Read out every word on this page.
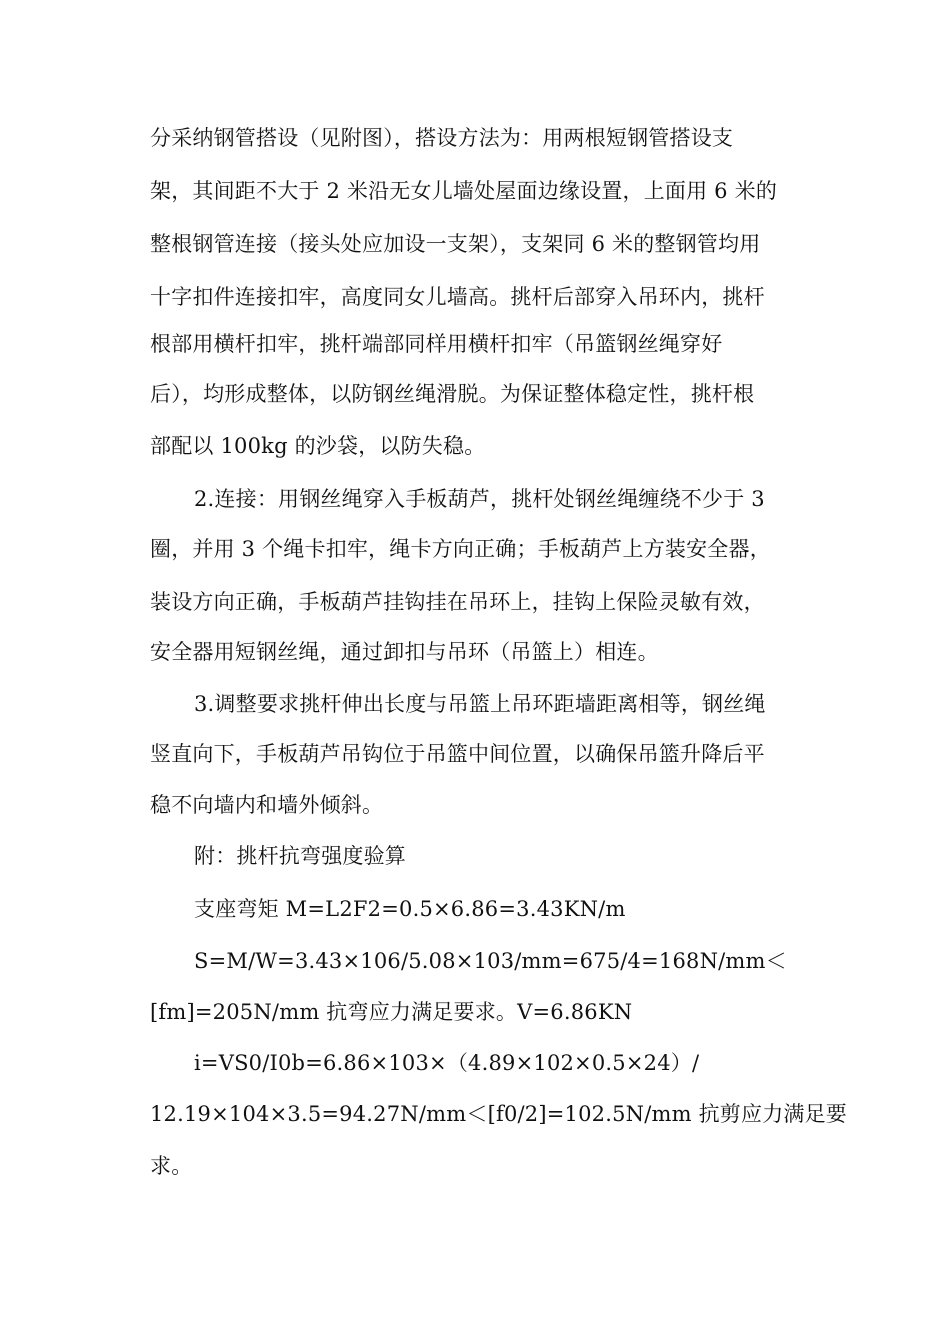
分采纳钢管搭设（见附图），搭设方法为：用两根短钢管搭设支
架，其间距不大于 2 米沿无女儿墙处屋面边缘设置，上面用 6 米的
整根钢管连接（接头处应加设一支架），支架同 6 米的整钢管均用
十字扣件连接扣牢，高度同女儿墙高。挑杆后部穿入吊环内，挑杆
根部用横杆扣牢，挑杆端部同样用横杆扣牢（吊篮钢丝绳穿好
后），均形成整体，以防钢丝绳滑脱。为保证整体稳定性，挑杆根
部配以 100kg 的沙袋，以防失稳。
2.连接：用钢丝绳穿入手板葫芦，挑杆处钢丝绳缠绕不少于 3
圈，并用 3 个绳卡扣牢，绳卡方向正确；手板葫芦上方装安全器，
装设方向正确，手板葫芦挂钩挂在吊环上，挂钩上保险灵敏有效，
安全器用短钢丝绳，通过卸扣与吊环（吊篮上）相连。
3.调整要求挑杆伸出长度与吊篮上吊环距墙距离相等，钢丝绳
竖直向下，手板葫芦吊钩位于吊篮中间位置，以确保吊篮升降后平
稳不向墙内和墙外倾斜。
附：挑杆抗弯强度验算
支座弯矩 M=L2F2=0.5×6.86=3.43KN/m
S=M/W=3.43×106/5.08×103/mm=675/4=168N/mm＜
[fm]=205N/mm 抗弯应力满足要求。V=6.86KN
i=VS0/I0b=6.86×103×（4.89×102×0.5×24）/
12.19×104×3.5=94.27N/mm＜[f0/2]=102.5N/mm 抗剪应力满足要
求。
